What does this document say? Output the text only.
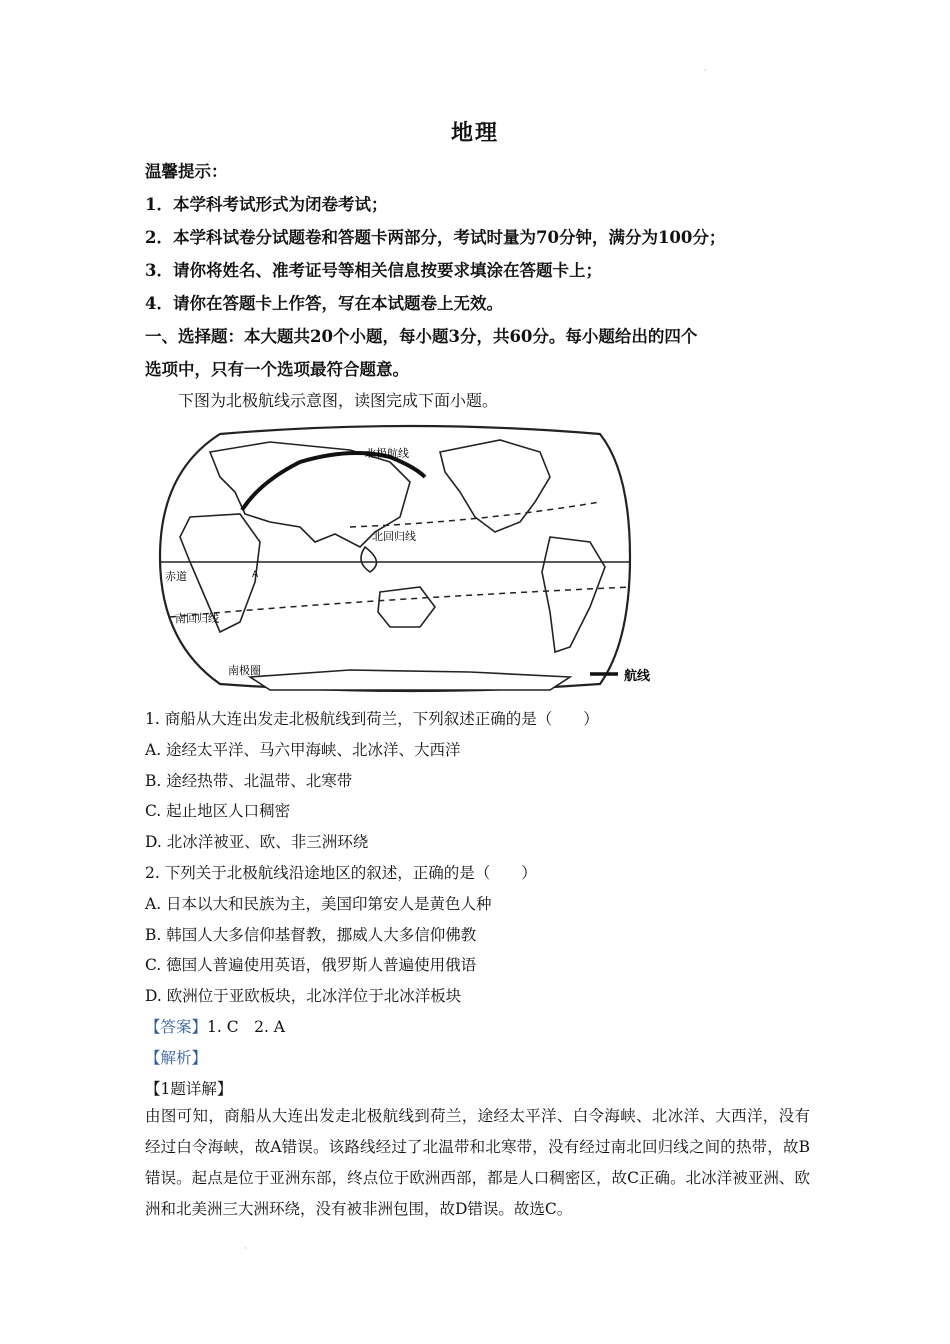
·
地理
温馨提示：
1．本学科考试形式为闭卷考试；
2．本学科试卷分试题卷和答题卡两部分，考试时量为70分钟，满分为100分；
3．请你将姓名、准考证号等相关信息按要求填涂在答题卡上；
4．请你在答题卡上作答，写在本试题卷上无效。
一、选择题：本大题共20个小题，每小题3分，共60分。每小题给出的四个
选项中，只有一个选项最符合题意。
下图为北极航线示意图，读图完成下面小题。
北极航线
北回归线
赤道
南回归线
南极圈
A
航线
1. 商船从大连出发走北极航线到荷兰，下列叙述正确的是（　　）
A. 途经太平洋、马六甲海峡、北冰洋、大西洋
B. 途经热带、北温带、北寒带
C. 起止地区人口稠密
D. 北冰洋被亚、欧、非三洲环绕
2. 下列关于北极航线沿途地区的叙述，正确的是（　　）
A. 日本以大和民族为主，美国印第安人是黄色人种
B. 韩国人大多信仰基督教，挪威人大多信仰佛教
C. 德国人普遍使用英语，俄罗斯人普遍使用俄语
D. 欧洲位于亚欧板块，北冰洋位于北冰洋板块
【答案】1. C　2. A
【解析】
【1题详解】
由图可知，商船从大连出发走北极航线到荷兰，途经太平洋、白令海峡、北冰洋、大西洋，没有经过白令海峡，故A错误。该路线经过了北温带和北寒带，没有经过南北回归线之间的热带，故B错误。起点是位于亚洲东部，终点位于欧洲西部，都是人口稠密区，故C正确。北冰洋被亚洲、欧洲和北美洲三大洲环绕，没有被非洲包围，故D错误。故选C。
·
